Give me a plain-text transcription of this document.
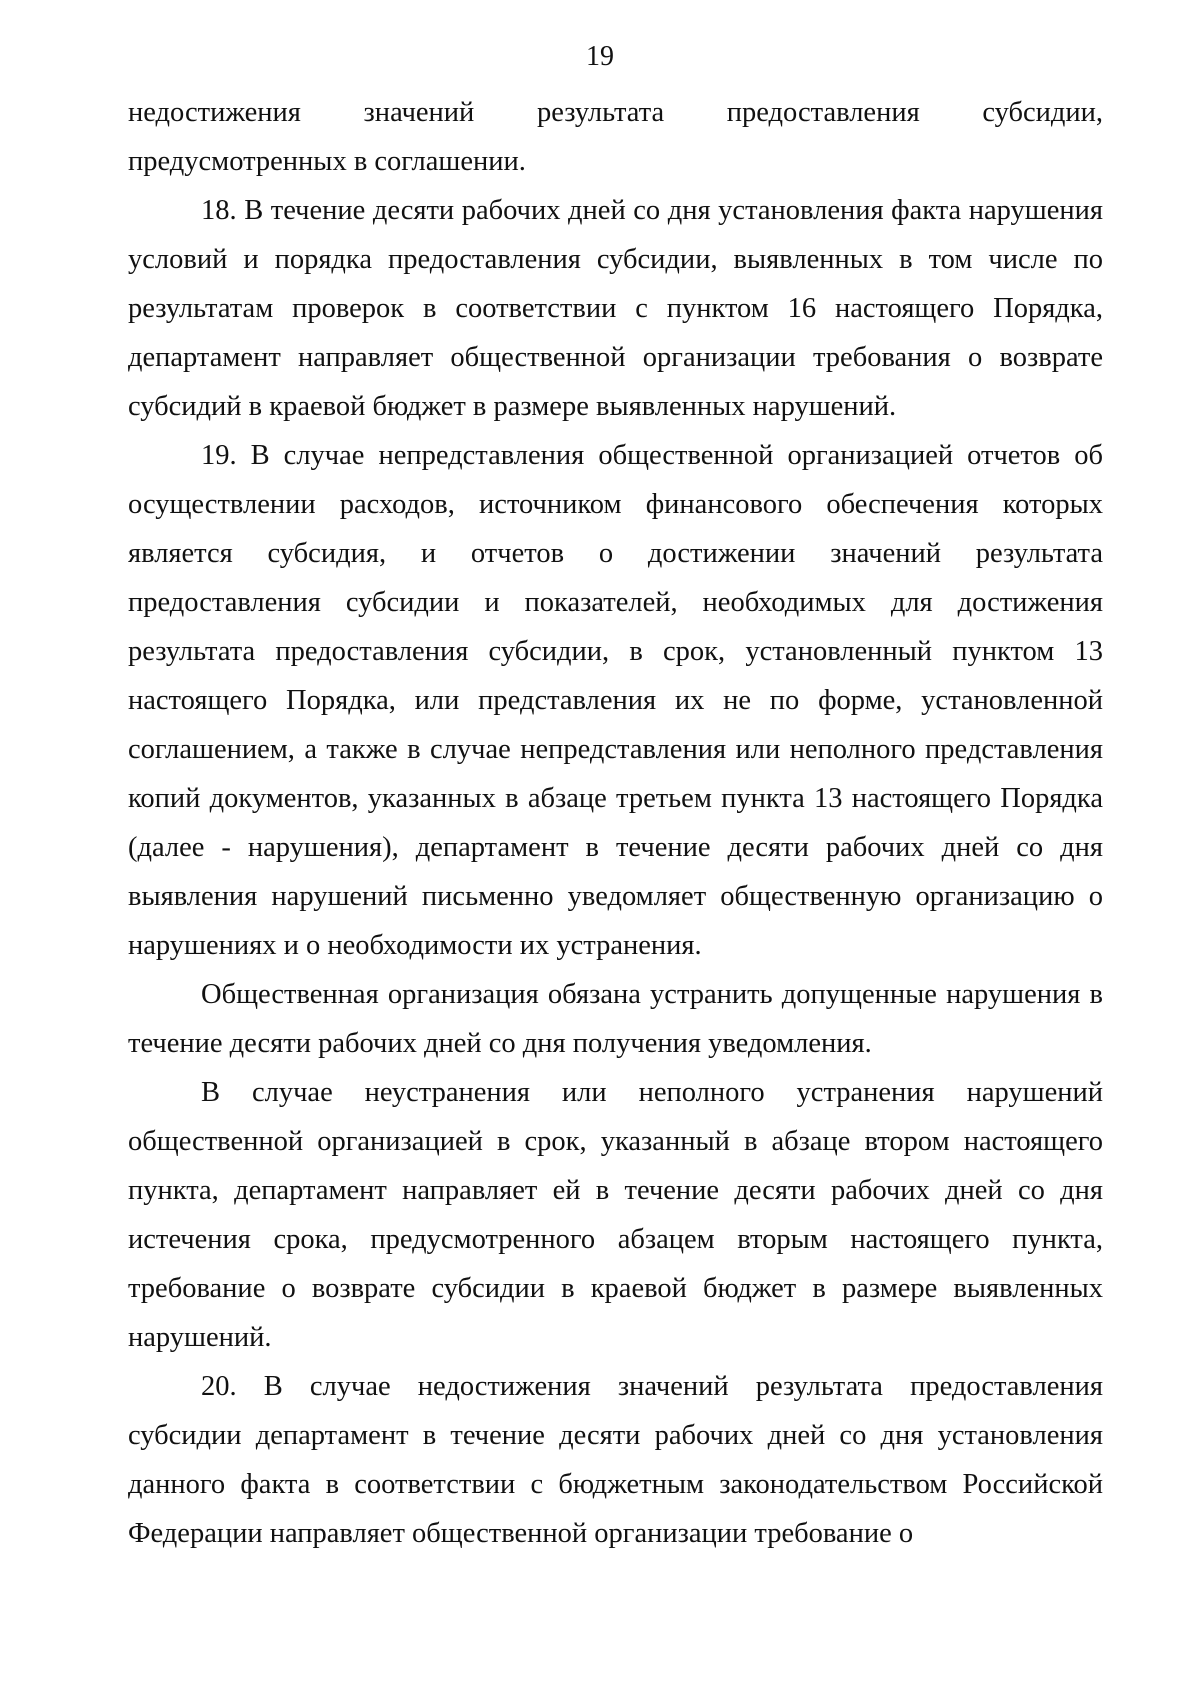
19

недостижения значений результата предоставления субсидии, предусмотренных в соглашении.

18. В течение десяти рабочих дней со дня установления факта нарушения условий и порядка предоставления субсидии, выявленных в том числе по результатам проверок в соответствии с пунктом 16 настоящего Порядка, департамент направляет общественной организации требования о возврате субсидий в краевой бюджет в размере выявленных нарушений.

19. В случае непредставления общественной организацией отчетов об осуществлении расходов, источником финансового обеспечения которых является субсидия, и отчетов о достижении значений результата предоставления субсидии и показателей, необходимых для достижения результата предоставления субсидии, в срок, установленный пунктом 13 настоящего Порядка, или представления их не по форме, установленной соглашением, а также в случае непредставления или неполного представления копий документов, указанных в абзаце третьем пункта 13 настоящего Порядка (далее - нарушения), департамент в течение десяти рабочих дней со дня выявления нарушений письменно уведомляет общественную организацию о нарушениях и о необходимости их устранения.

Общественная организация обязана устранить допущенные нарушения в течение десяти рабочих дней со дня получения уведомления.

В случае неустранения или неполного устранения нарушений общественной организацией в срок, указанный в абзаце втором настоящего пункта, департамент направляет ей в течение десяти рабочих дней со дня истечения срока, предусмотренного абзацем вторым настоящего пункта, требование о возврате субсидии в краевой бюджет в размере выявленных нарушений.

20. В случае недостижения значений результата предоставления субсидии департамент в течение десяти рабочих дней со дня установления данного факта в соответствии с бюджетным законодательством Российской Федерации направляет общественной организации требование о
